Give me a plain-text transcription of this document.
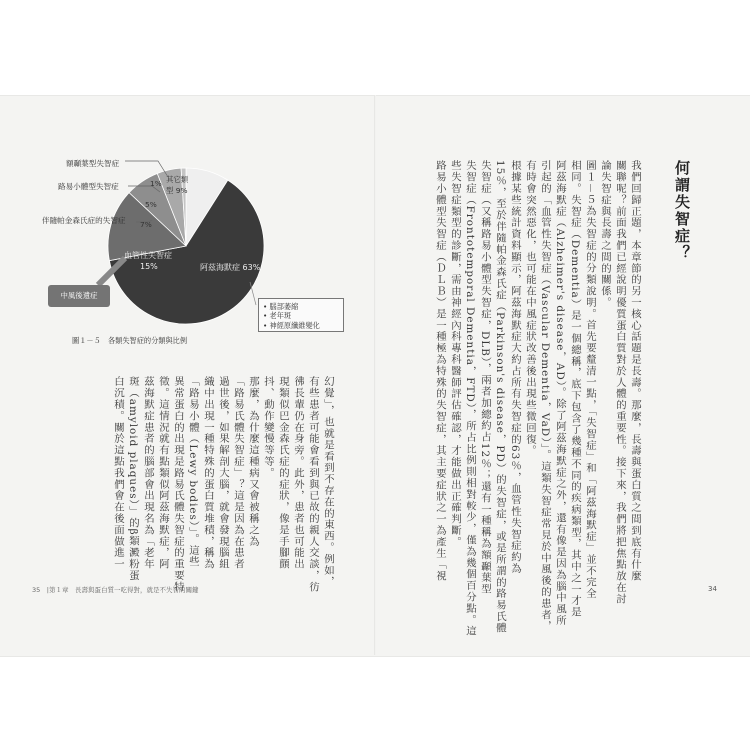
額顳葉型失智症
路易小體型失智症
伴隨帕金森氏症的失智症
1%
5%
7%
其它類
型 9%
血管性失智症
15%	阿茲海默症 63%
中風後遺症
• 腦部萎縮
• 老年斑
• 神經原纖維變化
圖１－５　各類失智症的分類與比例
幻覺」，也就是看到不存在的東西。例如，
有些患者可能會看到與已故的親人交談，彷
彿長輩仍在身旁。此外，患者也可能出
現類似巴金森氏症的症狀，像是手腳顫
抖、動作變慢等等。
那麼，為什麼這種病又會被稱之為
「路易氏體失智症」？這是因為在患者
過世後，如果解剖大腦，就會發現腦組
織中出現一種特殊的蛋白質堆積，稱為
「路易小體（Lewy bodies）」。這些
異常蛋白的出現是路易氏體失智症的重要特
徵。這情況就有點類似阿茲海默症，阿
茲海默症患者的腦部會出現名為「老年
斑（amyloid plaques）」的β類澱粉蛋
白沉積。關於這點我們會在後面做進一
35　|第１章　長壽與蛋白質一吃得對，就是不失智的關鍵
何謂失智症？
我們回歸正題，本章節的另一核心話題是長壽。那麼，長壽與蛋白質之間到底有什麼
關聯呢？前面我們已經說明優質蛋白質對於人體的重要性。接下來，我們將把焦點放在討
論失智症與長壽之間的關係。
圖１－５為失智症的分類說明。首先要釐清一點，「失智症」和「阿茲海默症」並不完全
相同。失智症（Dementia）是一個總稱，底下包含了幾種不同的疾病類型，其中之一才是
阿茲海默症（Alzheimer's disease，AD）。除了阿茲海默症之外，還有像是因為腦中風所
引起的「血管性失智症（Vascular Dementia，VaD）」。這類失智症常見於中風後的患者，
有時會突然惡化，也可能在中風症狀改善後出現些微回復。
根據某些統計資料顯示，阿茲海默症大約占所有失智症的63％，血管性失智症約為
15％，至於伴隨帕金森氏症（Parkinson's disease，PD）的失智症，或是所謂的路易氏體
失智症（又稱路易小體型失智症，DLB），兩者加總約占12％；還有一種稱為額顳葉型
失智症（Frontotemporal Dementia，FTD），所占比例則相對較少，僅為幾個百分點。這
些失智症類型的診斷，需由神經內科專科醫師評估確認，才能做出正確判斷。
路易小體型失智症（ＤＬＢ）是一種極為特殊的失智症，其主要症狀之一為產生「視
34
